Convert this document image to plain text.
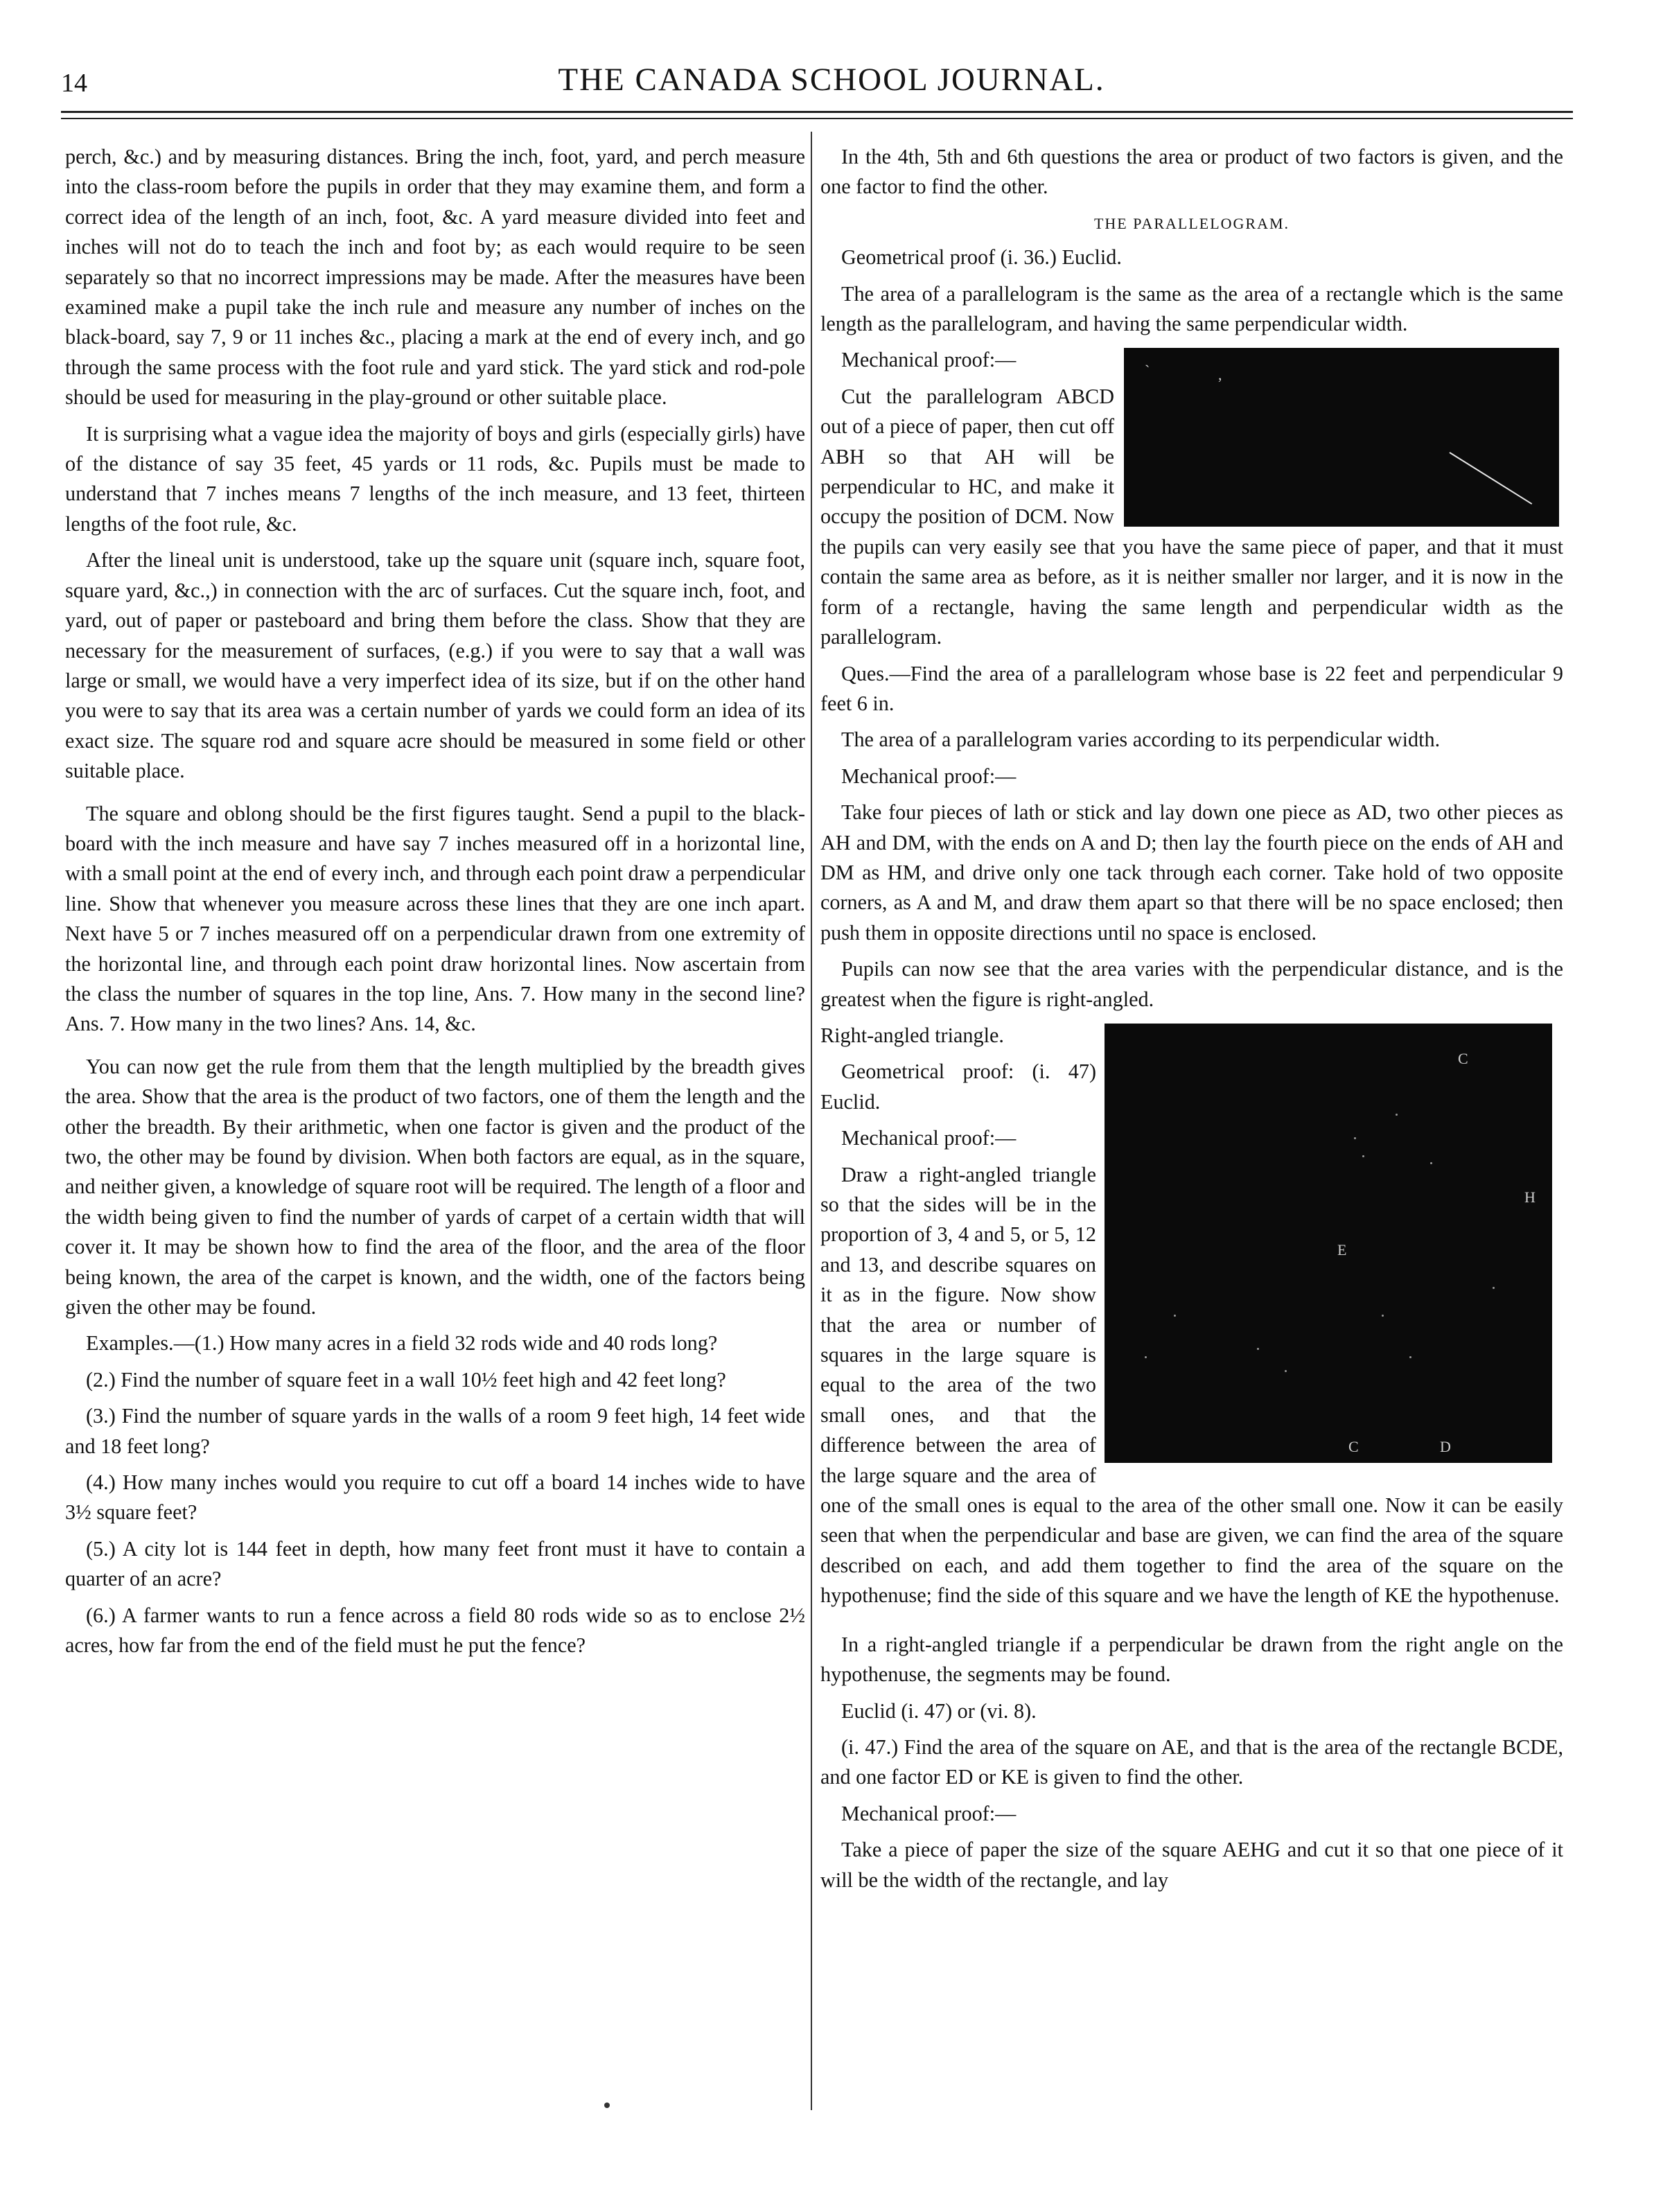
14	THE CANADA SCHOOL JOURNAL.

perch, &c.) and by measuring distances. Bring the inch, foot, yard, and perch measure into the class-room before the pupils in order that they may examine them, and form a correct idea of the length of an inch, foot, &c. A yard measure divided into feet and inches will not do to teach the inch and foot by; as each would require to be seen separately so that no incorrect impressions may be made. After the measures have been examined make a pupil take the inch rule and measure any number of inches on the black-board, say 7, 9 or 11 inches &c., placing a mark at the end of every inch, and go through the same process with the foot rule and yard stick. The yard stick and rod-pole should be used for measuring in the play-ground or other suitable place.

It is surprising what a vague idea the majority of boys and girls (especially girls) have of the distance of say 35 feet, 45 yards or 11 rods, &c. Pupils must be made to understand that 7 inches means 7 lengths of the inch measure, and 13 feet, thirteen lengths of the foot rule, &c.

After the lineal unit is understood, take up the square unit (square inch, square foot, square yard, &c.,) in connection with the arc of surfaces. Cut the square inch, foot, and yard, out of paper or pasteboard and bring them before the class. Show that they are necessary for the measurement of surfaces, (e.g.) if you were to say that a wall was large or small, we would have a very imperfect idea of its size, but if on the other hand you were to say that its area was a certain number of yards we could form an idea of its exact size. The square rod and square acre should be measured in some field or other suitable place.

The square and oblong should be the first figures taught. Send a pupil to the black-board with the inch measure and have say 7 inches measured off in a horizontal line, with a small point at the end of every inch, and through each point draw a perpendicular line. Show that whenever you measure across these lines that they are one inch apart. Next have 5 or 7 inches measured off on a perpendicular drawn from one extremity of the horizontal line, and through each point draw horizontal lines. Now ascertain from the class the number of squares in the top line, Ans. 7. How many in the second line? Ans. 7. How many in the two lines? Ans. 14, &c.

You can now get the rule from them that the length multiplied by the breadth gives the area. Show that the area is the product of two factors, one of them the length and the other the breadth. By their arithmetic, when one factor is given and the product of the two, the other may be found by division. When both factors are equal, as in the square, and neither given, a knowledge of square root will be required. The length of a floor and the width being given to find the number of yards of carpet of a certain width that will cover it. It may be shown how to find the area of the floor, and the area of the floor being known, the area of the carpet is known, and the width, one of the factors being given the other may be found.

Examples.—(1.) How many acres in a field 32 rods wide and 40 rods long?

(2.) Find the number of square feet in a wall 10½ feet high and 42 feet long?

(3.) Find the number of square yards in the walls of a room 9 feet high, 14 feet wide and 18 feet long?

(4.) How many inches would you require to cut off a board 14 inches wide to have 3½ square feet?

(5.) A city lot is 144 feet in depth, how many feet front must it have to contain a quarter of an acre?

(6.) A farmer wants to run a fence across a field 80 rods wide so as to enclose 2½ acres, how far from the end of the field must he put the fence?

In the 4th, 5th and 6th questions the area or product of two factors is given, and the one factor to find the other.

THE PARALLELOGRAM.

Geometrical proof (i. 36.) Euclid.

The area of a parallelogram is the same as the area of a rectangle which is the same length as the parallelogram, and having the same perpendicular width.

`	,

Mechanical proof:—

Cut the parallelogram ABCD out of a piece of paper, then cut off ABH so that AH will be perpendicular to HC, and make it occupy the position of DCM. Now the pupils can very easily see that you have the same piece of paper, and that it must contain the same area as before, as it is neither smaller nor larger, and it is now in the form of a rectangle, having the same length and perpendicular width as the parallelogram.

Ques.—Find the area of a parallelogram whose base is 22 feet and perpendicular 9 feet 6 in.

The area of a parallelogram varies according to its perpendicular width.

Mechanical proof:—

Take four pieces of lath or stick and lay down one piece as AD, two other pieces as AH and DM, with the ends on A and D; then lay the fourth piece on the ends of AH and DM as HM, and drive only one tack through each corner. Take hold of two opposite corners, as A and M, and draw them apart so that there will be no space enclosed; then push them in opposite directions until no space is enclosed.

Pupils can now see that the area varies with the perpendicular distance, and is the greatest when the figure is right-angled.

C
H
E
C	D

Right-angled triangle.

Geometrical proof: (i. 47) Euclid.

Mechanical proof:—

Draw a right-angled triangle so that the sides will be in the proportion of 3, 4 and 5, or 5, 12 and 13, and describe squares on it as in the figure. Now show that the area or number of squares in the large square is equal to the area of the two small ones, and that the difference between the area of the large square and the area of one of the small ones is equal to the area of the other small one. Now it can be easily seen that when the perpendicular and base are given, we can find the area of the square described on each, and add them together to find the area of the square on the hypothenuse; find the side of this square and we have the length of KE the hypothenuse.

In a right-angled triangle if a perpendicular be drawn from the right angle on the hypothenuse, the segments may be found.

Euclid (i. 47) or (vi. 8).

(i. 47.) Find the area of the square on AE, and that is the area of the rectangle BCDE, and one factor ED or KE is given to find the other.

Mechanical proof:—

Take a piece of paper the size of the square AEHG and cut it so that one piece of it will be the width of the rectangle, and lay
